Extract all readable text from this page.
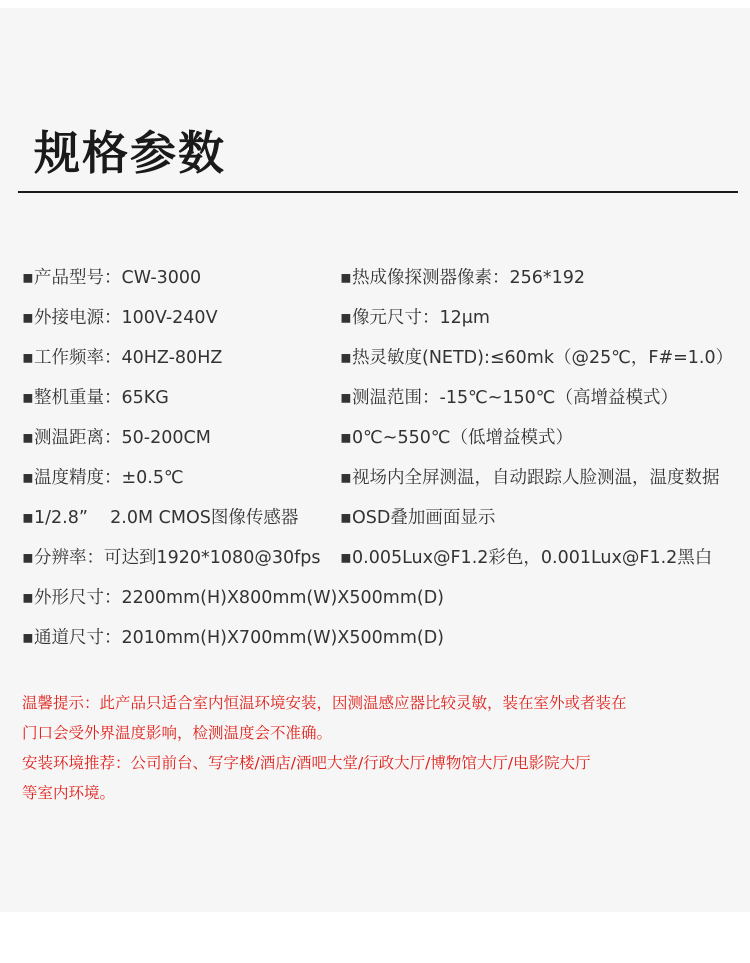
规格参数
▪产品型号：CW-3000	▪热成像探测器像素：256*192
▪外接电源：100V-240V	▪像元尺寸：12μm
▪工作频率：40HZ-80HZ	▪热灵敏度(NETD):≤60mk（@25℃，F#=1.0）
▪整机重量：65KG	▪测温范围：-15℃~150℃（高增益模式）
▪测温距离：50-200CM	▪0℃~550℃（低增益模式）
▪温度精度：±0.5℃	▪视场内全屏测温，自动跟踪人脸测温，温度数据
▪1/2.8”    2.0M CMOS图像传感器 ▪OSD叠加画面显示
▪分辨率：可达到1920*1080@30fps ▪0.005Lux@F1.2彩色，0.001Lux@F1.2黑白
▪外形尺寸：2200mm(H)X800mm(W)X500mm(D)
▪通道尺寸：2010mm(H)X700mm(W)X500mm(D)

温馨提示：此产品只适合室内恒温环境安装，因测温感应器比较灵敏，装在室外或者装在

门口会受外界温度影响，检测温度会不准确。

安装环境推荐：公司前台、写字楼/酒店/酒吧大堂/行政大厅/博物馆大厅/电影院大厅

等室内环境。
